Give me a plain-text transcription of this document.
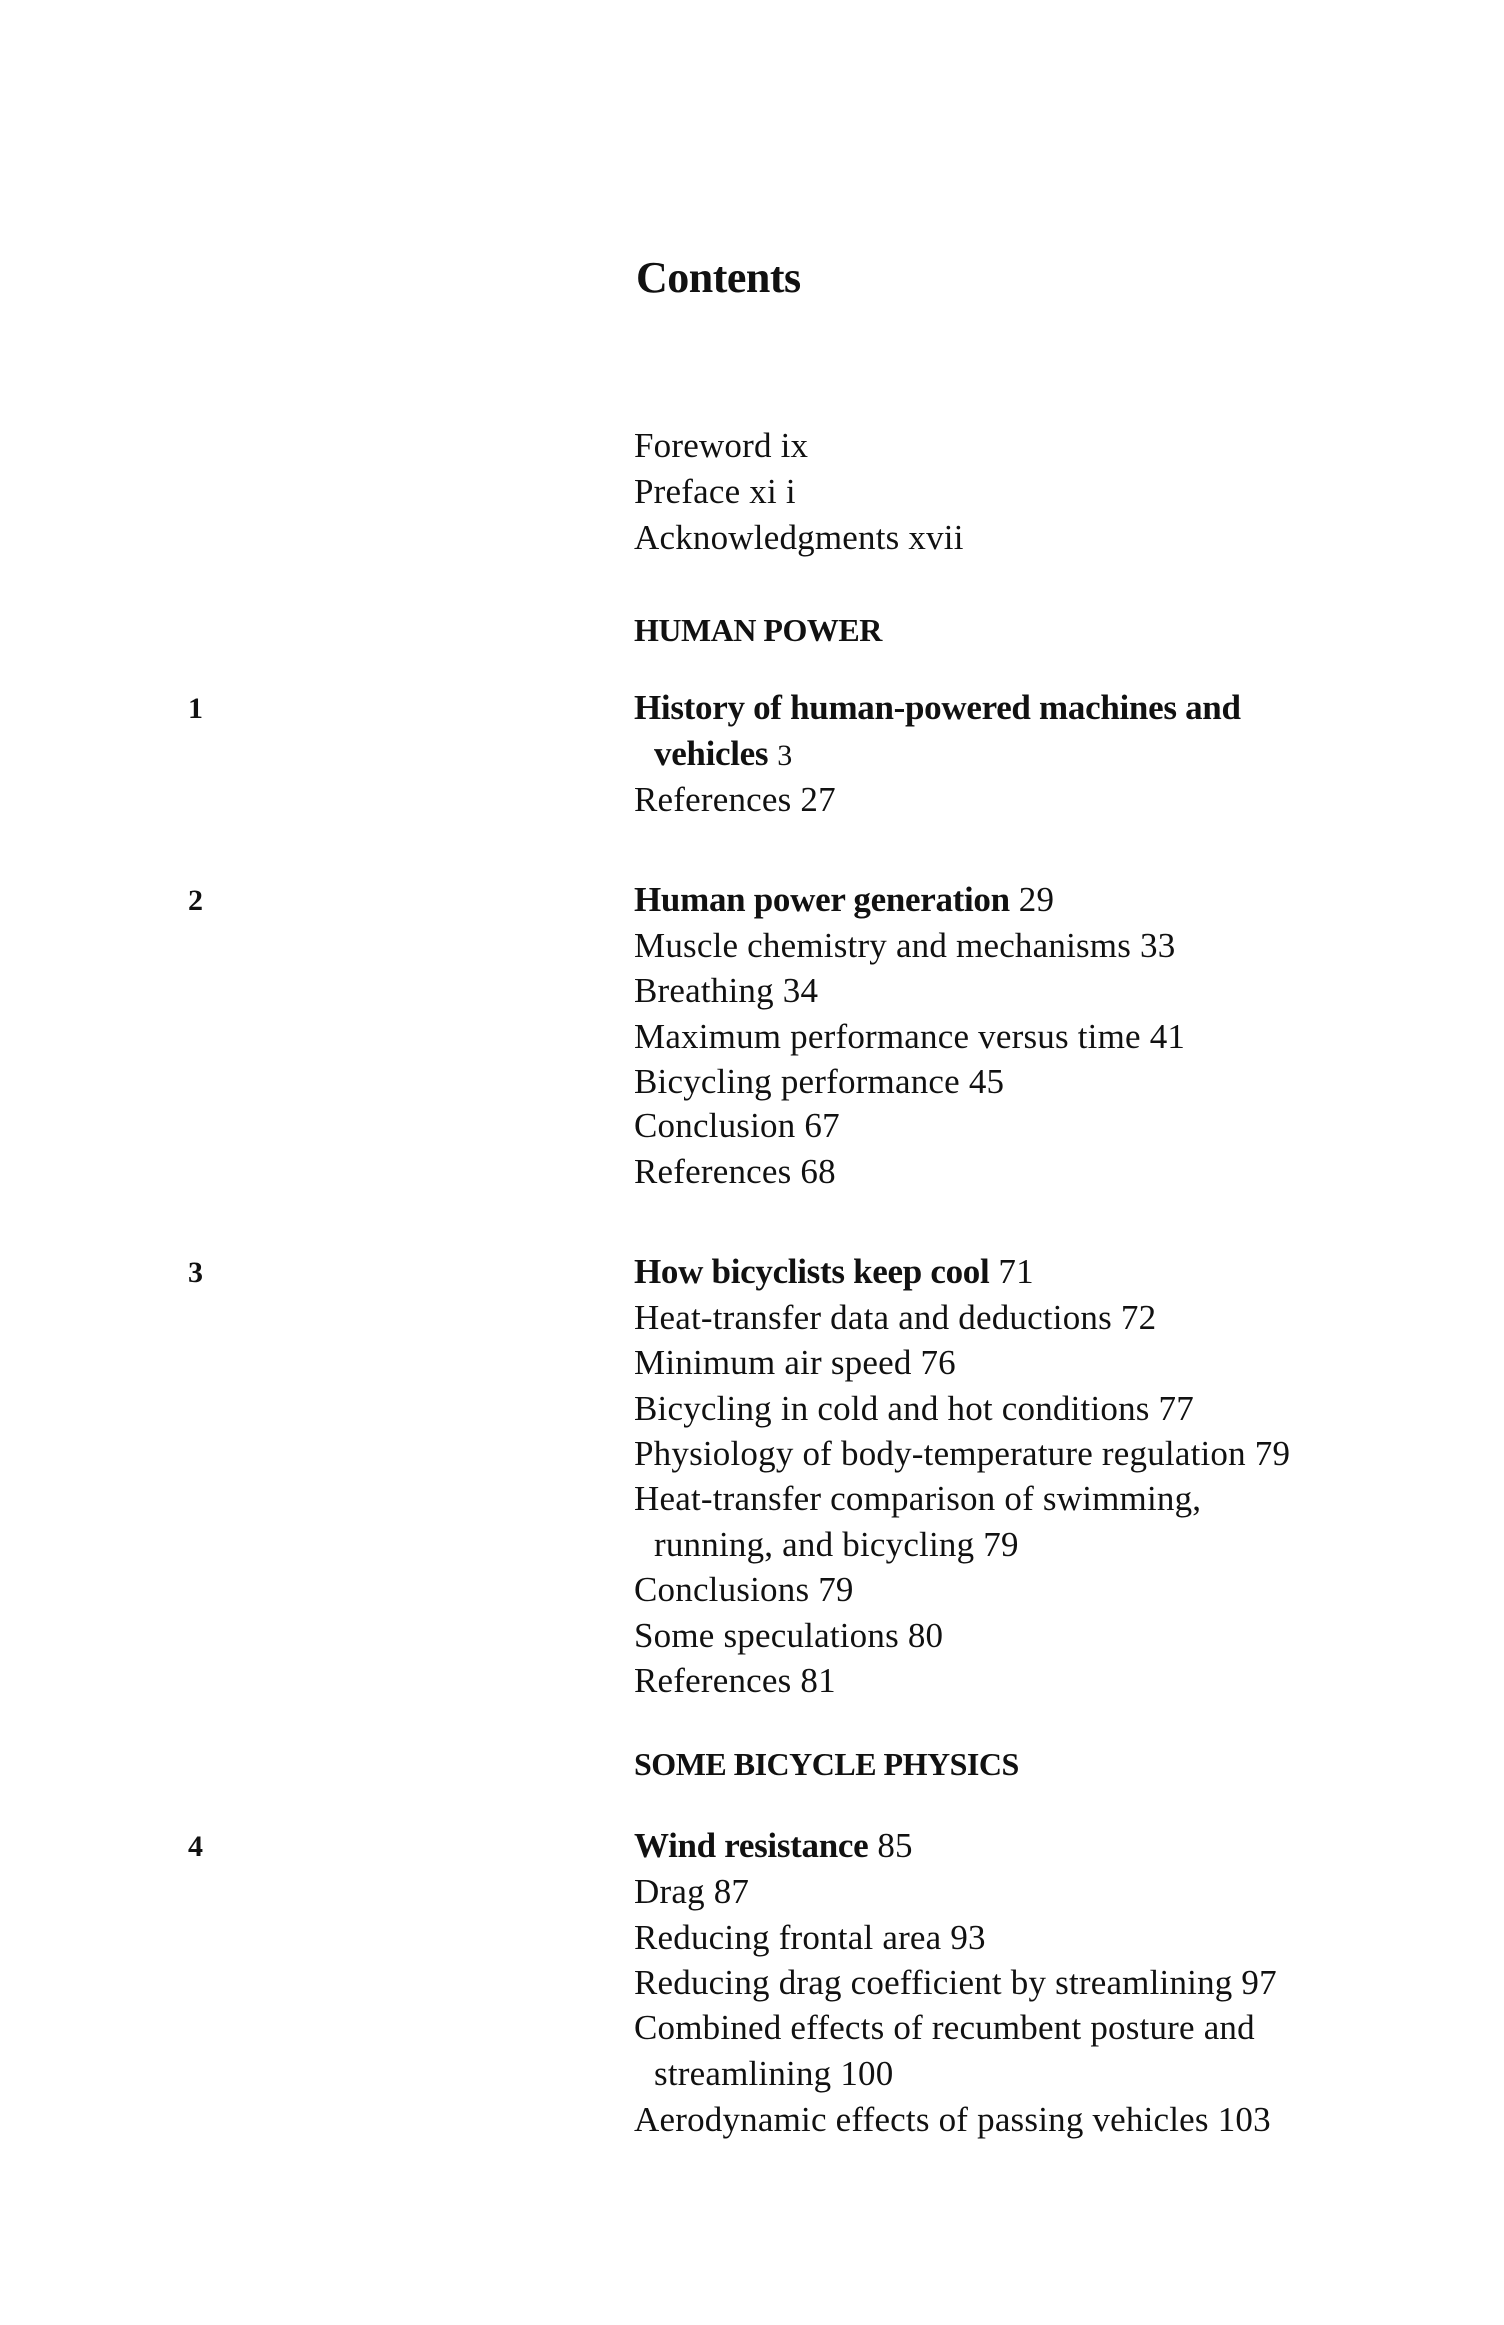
Contents
Foreword ix
Preface xi i
Acknowledgments xvii
HUMAN POWER
1	History of human-powered machines and
vehicles 3
References 27
2	Human power generation 29
Muscle chemistry and mechanisms 33
Breathing 34
Maximum performance versus time 41
Bicycling performance 45
Conclusion 67
References 68
3	How bicyclists keep cool 71
Heat-transfer data and deductions 72
Minimum air speed 76
Bicycling in cold and hot conditions 77
Physiology of body-temperature regulation 79
Heat-transfer comparison of swimming,
running, and bicycling 79
Conclusions 79
Some speculations 80
References 81
SOME BICYCLE PHYSICS
4	Wind resistance 85
Drag 87
Reducing frontal area 93
Reducing drag coefficient by streamlining 97
Combined effects of recumbent posture and
streamlining 100
Aerodynamic effects of passing vehicles 103
